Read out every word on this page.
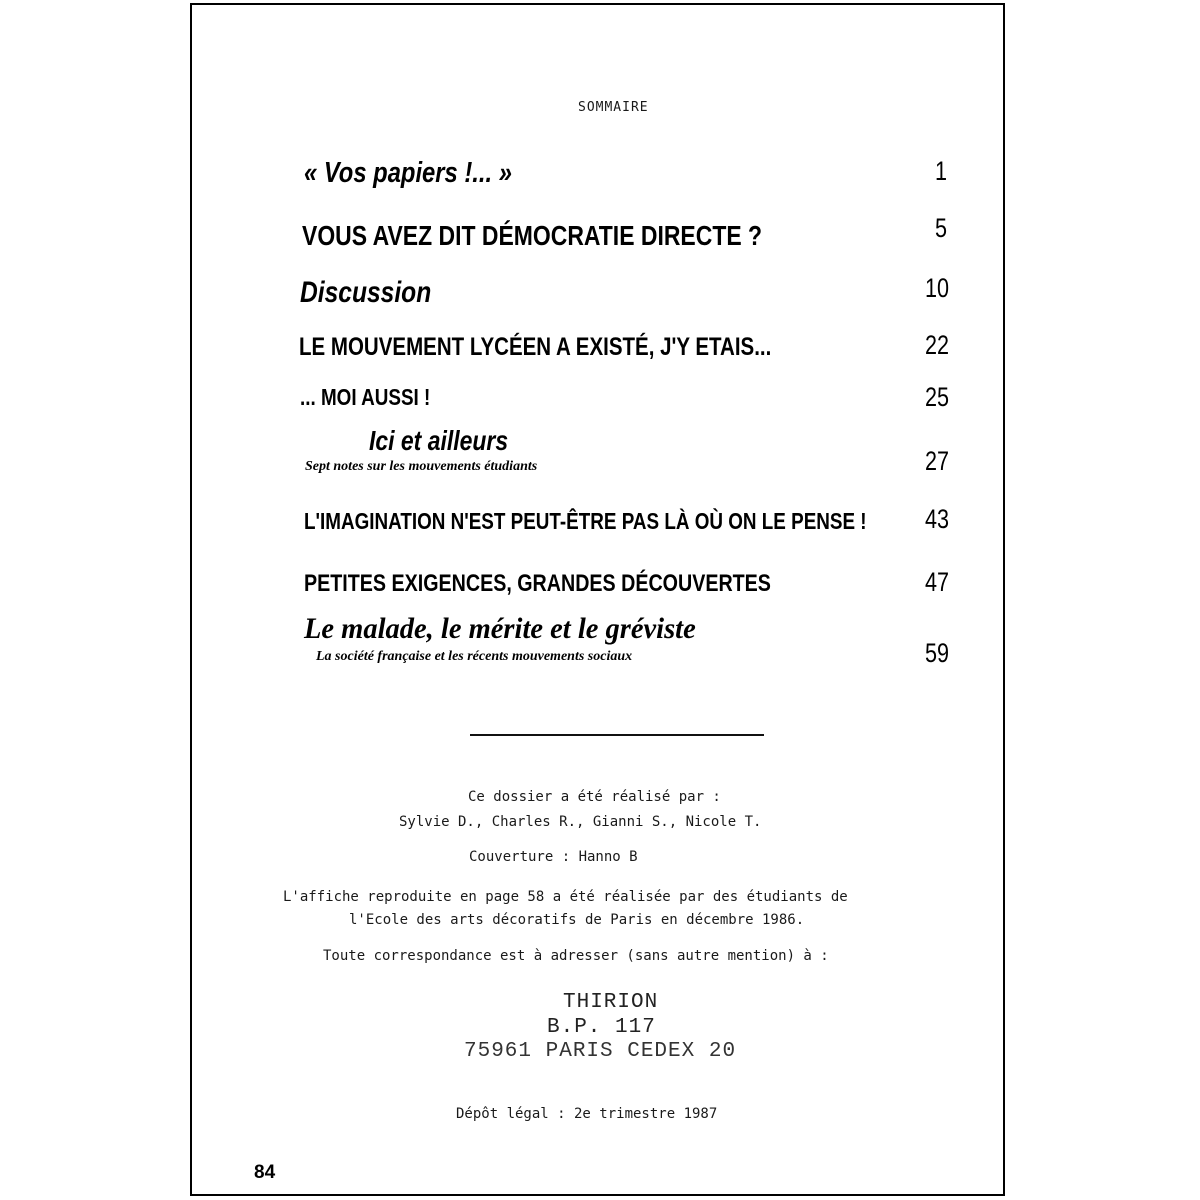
SOMMAIRE
« Vos papiers !... »	1
VOUS AVEZ DIT DÉMOCRATIE DIRECTE ?	5
Discussion	10
LE MOUVEMENT LYCÉEN A EXISTÉ, J'Y ETAIS...	22
... MOI AUSSI !	25
Ici et ailleurs
Sept notes sur les mouvements étudiants	27
L'IMAGINATION N'EST PEUT-ÊTRE PAS LÀ OÙ ON LE PENSE ! 43
PETITES EXIGENCES, GRANDES DÉCOUVERTES	47
Le malade, le mérite et le gréviste
La société française et les récents mouvements sociaux	59
Ce dossier a été réalisé par :
Sylvie D., Charles R., Gianni S., Nicole T.
Couverture : Hanno B
L'affiche reproduite en page 58 a été réalisée par des étudiants de
l'Ecole des arts décoratifs de Paris en décembre 1986.
Toute correspondance est à adresser (sans autre mention) à :
THIRION
B.P. 117
75961 PARIS CEDEX 20
Dépôt légal : 2e trimestre 1987
84
